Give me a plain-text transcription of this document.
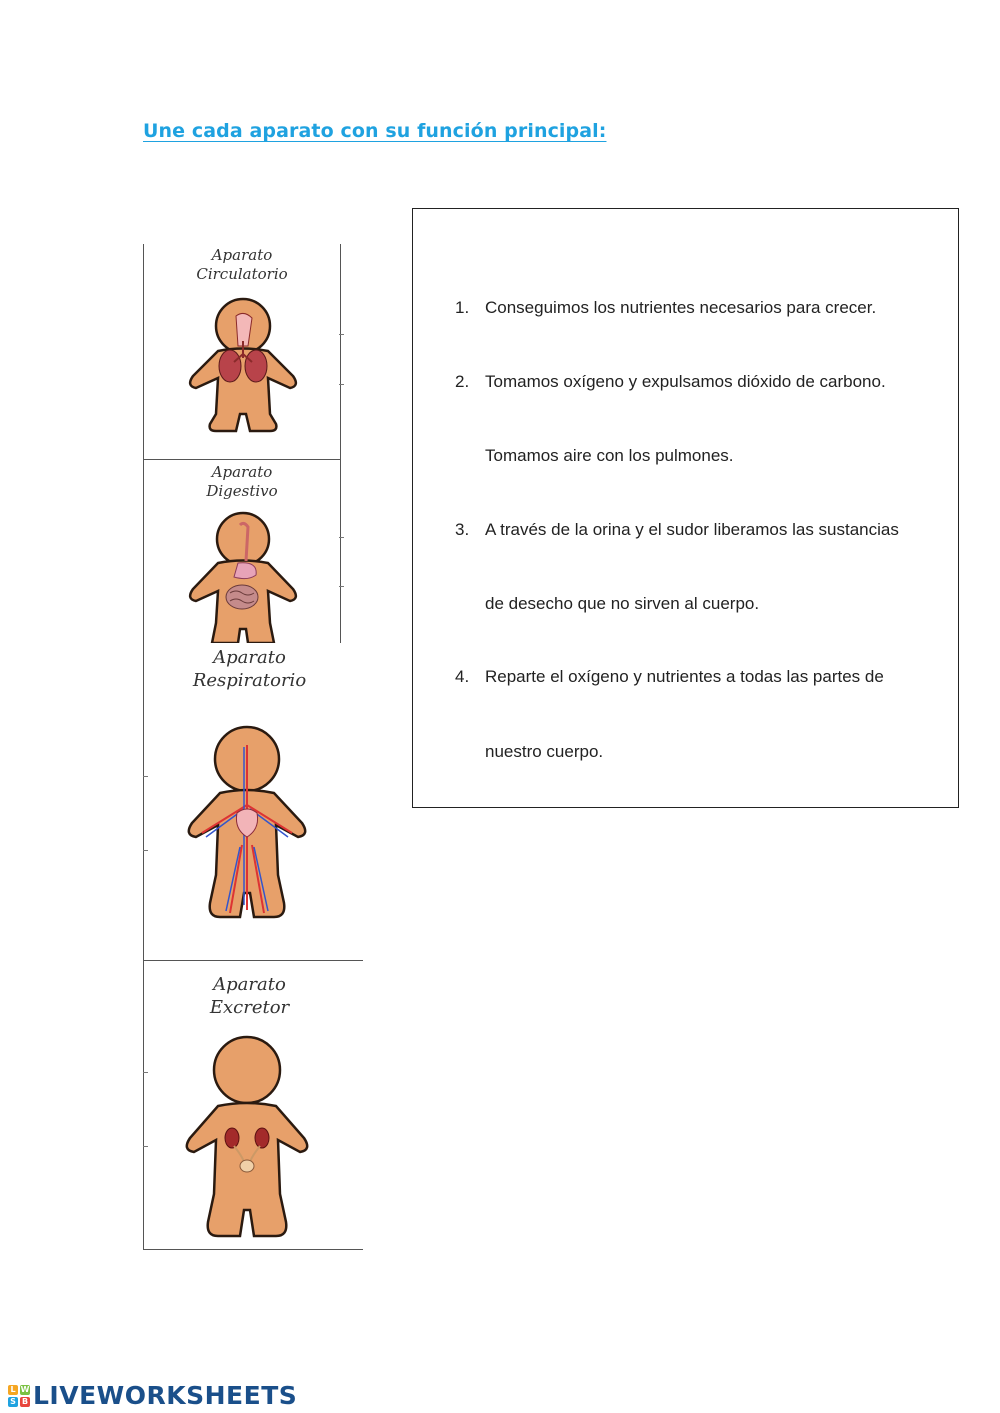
Une cada aparato con su función principal:
Aparato
Circulatorio
Aparato
Digestivo
Aparato
Respiratorio
Aparato
Excretor
1. Conseguimos los nutrientes necesarios para crecer.
2. Tomamos oxígeno y expulsamos dióxido de carbono.
Tomamos aire con los pulmones.
3. A través de la orina y el sudor liberamos las sustancias
de desecho que no sirven al cuerpo.
4. Reparte el oxígeno y nutrientes a todas las partes de
nuestro cuerpo.
L W
S B LIVEWORKSHEETS
